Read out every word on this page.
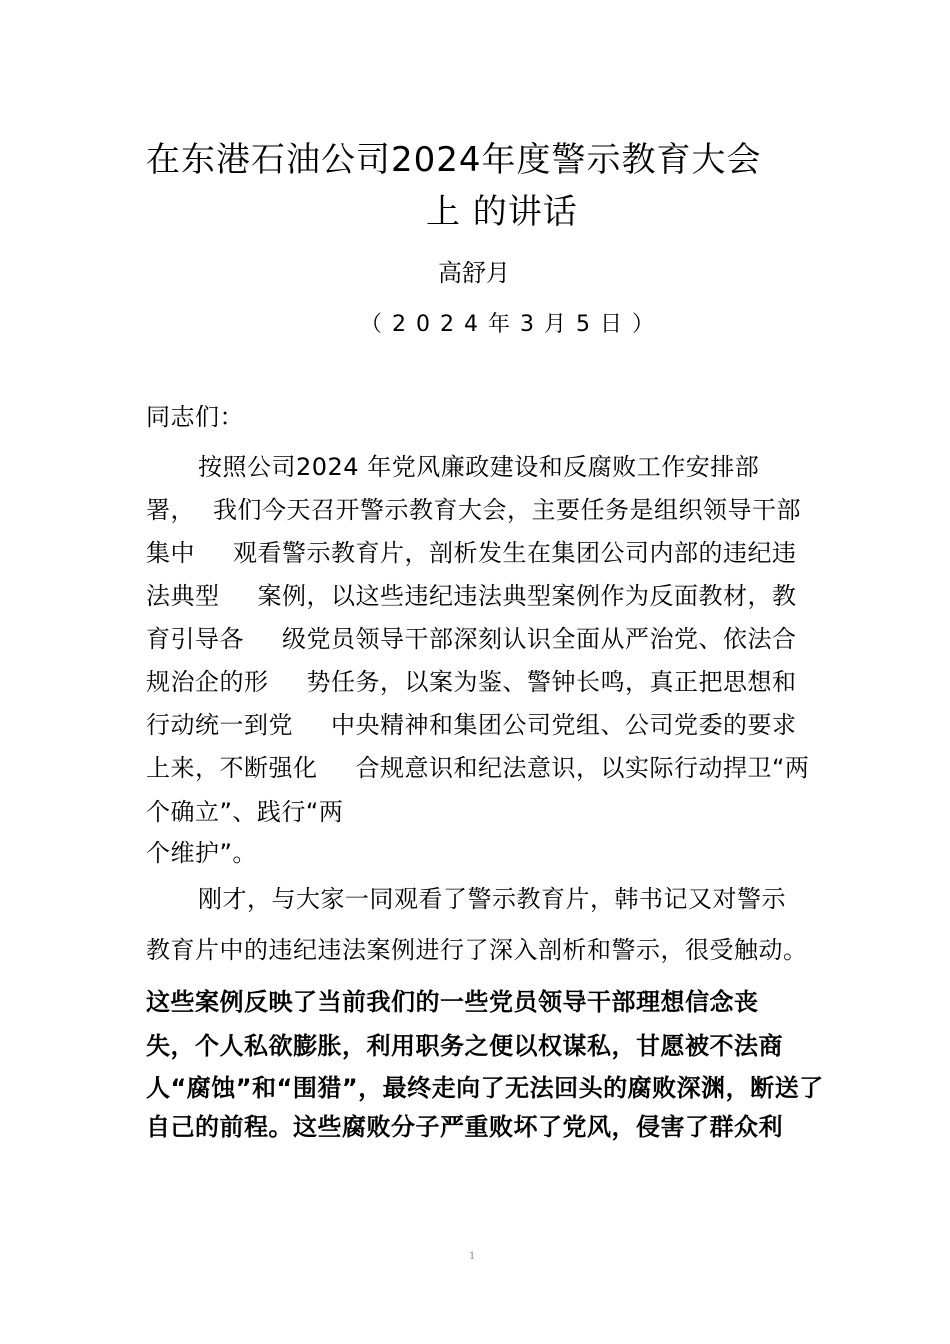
在东港石油公司2024年度警示教育大会
上 的讲话
高舒月
（2024年3月5日）
同志们：
按照公司2024 年党风廉政建设和反腐败工作安排部
署， 我们今天召开警示教育大会，主要任务是组织领导干部
集中 观看警示教育片，剖析发生在集团公司内部的违纪违
法典型 案例，以这些违纪违法典型案例作为反面教材，教
育引导各 级党员领导干部深刻认识全面从严治党、依法合
规治企的形 势任务，以案为鉴、警钟长鸣，真正把思想和
行动统一到党 中央精神和集团公司党组、公司党委的要求
上来，不断强化 合规意识和纪法意识，以实际行动捍卫“两
个确立”、践行“两
个维护”。
刚才，与大家一同观看了警示教育片，韩书记又对警示
教育片中的违纪违法案例进行了深入剖析和警示，很受触动。
这些案例反映了当前我们的一些党员领导干部理想信念丧
失，个人私欲膨胀，利用职务之便以权谋私，甘愿被不法商
人“腐蚀”和“围猎”，最终走向了无法回头的腐败深渊，断送了
自己的前程。这些腐败分子严重败坏了党风，侵害了群众利
1
